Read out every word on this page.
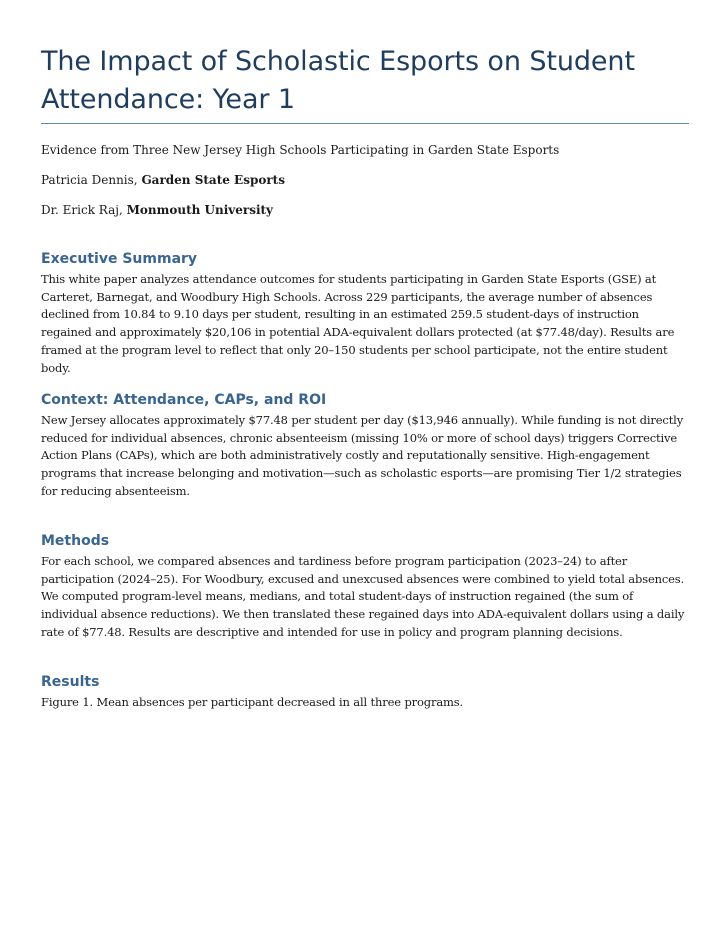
The Impact of Scholastic Esports on Student Attendance: Year 1

Evidence from Three New Jersey High Schools Participating in Garden State Esports

Patricia Dennis, Garden State Esports

Dr. Erick Raj, Monmouth University

Executive Summary

This white paper analyzes attendance outcomes for students participating in Garden State Esports (GSE) at Carteret, Barnegat, and Woodbury High Schools. Across 229 participants, the average number of absences declined from 10.84 to 9.10 days per student, resulting in an estimated 259.5 student-days of instruction regained and approximately $20,106 in potential ADA-equivalent dollars protected (at $77.48/day). Results are framed at the program level to reflect that only 20–150 students per school participate, not the entire student body.

Context: Attendance, CAPs, and ROI

New Jersey allocates approximately $77.48 per student per day ($13,946 annually). While funding is not directly reduced for individual absences, chronic absenteeism (missing 10% or more of school days) triggers Corrective Action Plans (CAPs), which are both administratively costly and reputationally sensitive. High-engagement programs that increase belonging and motivation—such as scholastic esports—are promising Tier 1/2 strategies for reducing absenteeism.

Methods

For each school, we compared absences and tardiness before program participation (2023–24) to after participation (2024–25). For Woodbury, excused and unexcused absences were combined to yield total absences. We computed program-level means, medians, and total student-days of instruction regained (the sum of individual absence reductions). We then translated these regained days into ADA-equivalent dollars using a daily rate of $77.48. Results are descriptive and intended for use in policy and program planning decisions.

Results

Figure 1. Mean absences per participant decreased in all three programs.
